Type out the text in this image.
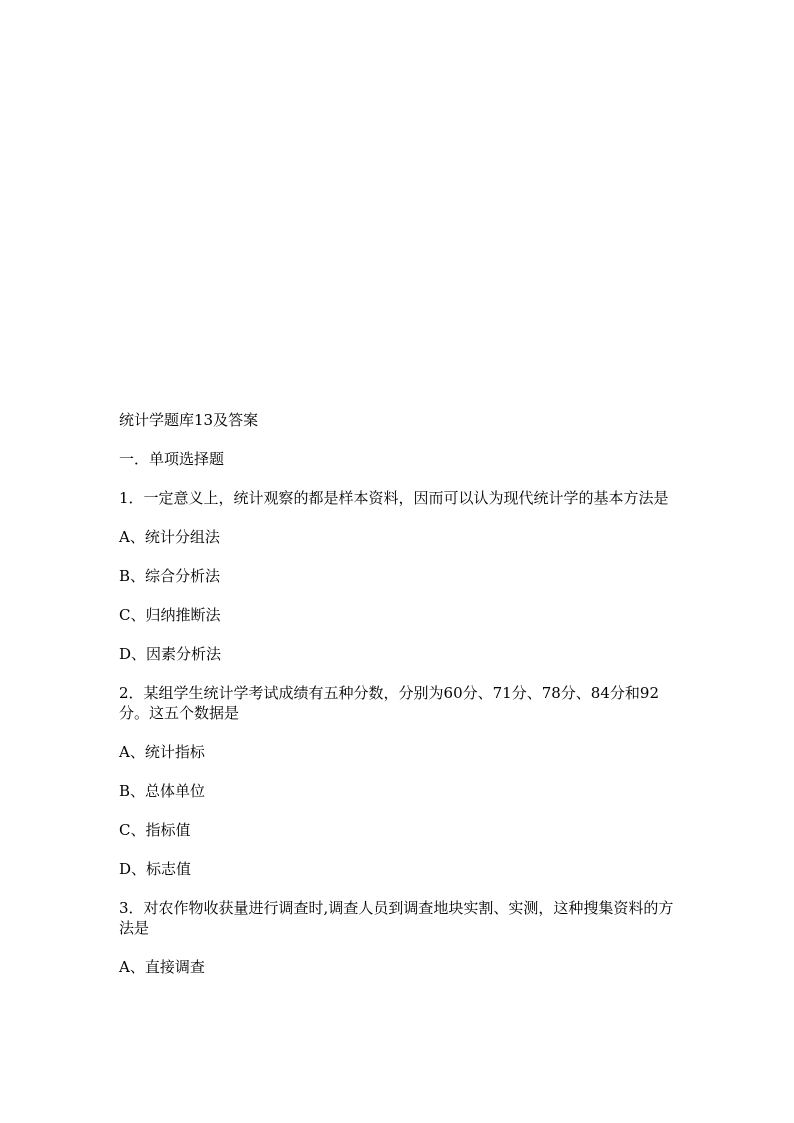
统计学题库13及答案

一．单项选择题

1．一定意义上，统计观察的都是样本资料，因而可以认为现代统计学的基本方法是

A、统计分组法

B、综合分析法

C、归纳推断法

D、因素分析法

2．某组学生统计学考试成绩有五种分数，分别为60分、71分、78分、84分和92分。这五个数据是

A、统计指标

B、总体单位

C、指标值

D、标志值

3．对农作物收获量进行调查时,调查人员到调查地块实割、实测，这种搜集资料的方法是

A、直接调查
